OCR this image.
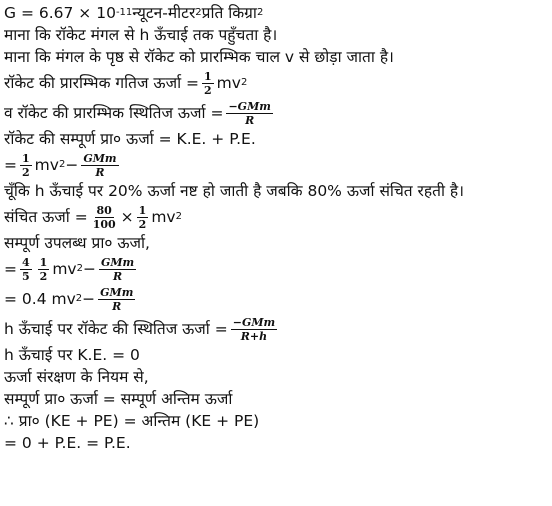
G = 6.67 × 10 -11 न्यूटन-मीटर 2 प्रति किग्रा 2
माना कि रॉकेट मंगल से h ऊँचाई तक पहुँचता है।
माना कि मंगल के पृष्ठ से रॉकेट को प्रारम्भिक चाल v से छोड़ा जाता है।
रॉकेट की प्रारम्भिक गतिज ऊर्जा = $\frac{1}{2}$ mv 2
व रॉकेट की प्रारम्भिक स्थितिज ऊर्जा = $\frac{\text{−GMm}}{R}$
रॉकेट की सम्पूर्ण प्रा० ऊर्जा = K.E. + P.E.
= $\frac{1}{2}$ mv $2 - \frac{\text{GMm}}{R}$
चूँकि h ऊँचाई पर 20% ऊर्जा नष्ट हो जाती है जबकि 80% ऊर्जा संचित रहती है।
संचित ऊर्जा = $\frac{80}{100} \times \frac{1}{2}$ mv 2
सम्पूर्ण उपलब्ध प्रा० ऊर्जा,
= $\frac{4}{5} \frac{1}{2}$ mv $2 - \frac{\text{GMm}}{R}$
= 0.4 mv $2 - \frac{\text{GMm}}{R}$
h ऊँचाई पर रॉकेट की स्थितिज ऊर्जा = $\frac{\text{−GMm}}{R+h}$
h ऊँचाई पर K.E. = 0
ऊर्जा संरक्षण के नियम से,
सम्पूर्ण प्रा० ऊर्जा = सम्पूर्ण अन्तिम ऊर्जा
∴ प्रा० (KE + PE) = अन्तिम (KE + PE)
= 0 + P.E. = P.E.
